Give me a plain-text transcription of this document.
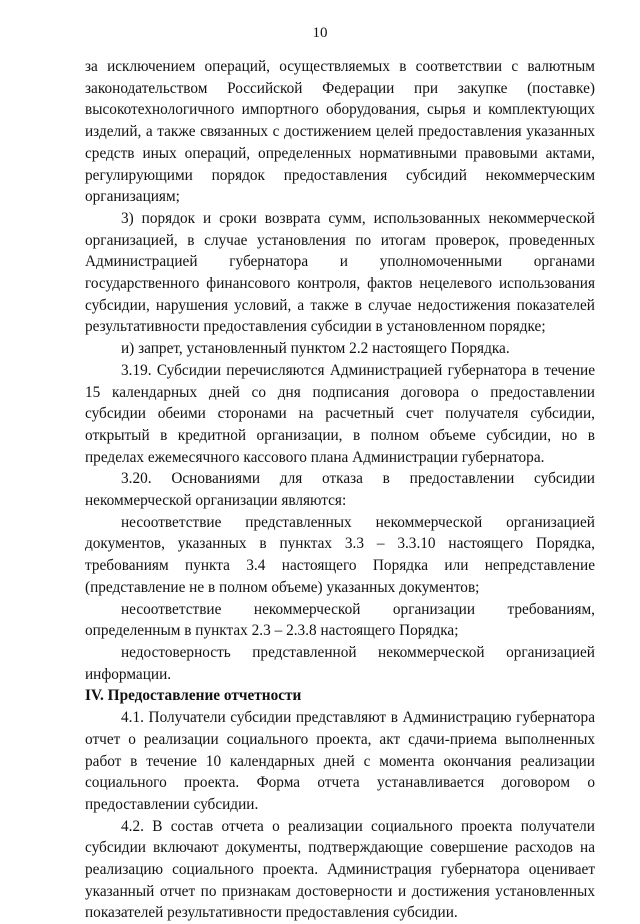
10

за исключением операций, осуществляемых в соответствии с валютным законодательством Российской Федерации при закупке (поставке) высокотехнологичного импортного оборудования, сырья и комплектующих изделий, а также связанных с достижением целей предоставления указанных средств иных операций, определенных нормативными правовыми актами, регулирующими порядок предоставления субсидий некоммерческим организациям;

3) порядок и сроки возврата сумм, использованных некоммерческой организацией, в случае установления по итогам проверок, проведенных Администрацией губернатора и уполномоченными органами государственного финансового контроля, фактов нецелевого использования субсидии, нарушения условий, а также в случае недостижения показателей результативности предоставления субсидии в установленном порядке;

и) запрет, установленный пунктом 2.2 настоящего Порядка.

3.19. Субсидии перечисляются Администрацией губернатора в течение 15 календарных дней со дня подписания договора о предоставлении субсидии обеими сторонами на расчетный счет получателя субсидии, открытый в кредитной организации, в полном объеме субсидии, но в пределах ежемесячного кассового плана Администрации губернатора.

3.20. Основаниями для отказа в предоставлении субсидии некоммерческой организации являются:

несоответствие представленных некоммерческой организацией документов, указанных в пунктах 3.3 – 3.3.10 настоящего Порядка, требованиям пункта 3.4 настоящего Порядка или непредставление (представление не в полном объеме) указанных документов;

несоответствие некоммерческой организации требованиям, определенным в пунктах 2.3 – 2.3.8 настоящего Порядка;

недостоверность представленной некоммерческой организацией информации.

IV. Предоставление отчетности

4.1. Получатели субсидии представляют в Администрацию губернатора отчет о реализации социального проекта, акт сдачи-приема выполненных работ в течение 10 календарных дней с момента окончания реализации социального проекта. Форма отчета устанавливается договором о предоставлении субсидии.

4.2. В состав отчета о реализации социального проекта получатели субсидии включают документы, подтверждающие совершение расходов на реализацию социального проекта. Администрация губернатора оценивает указанный отчет по признакам достоверности и достижения установленных показателей результативности предоставления субсидии.
